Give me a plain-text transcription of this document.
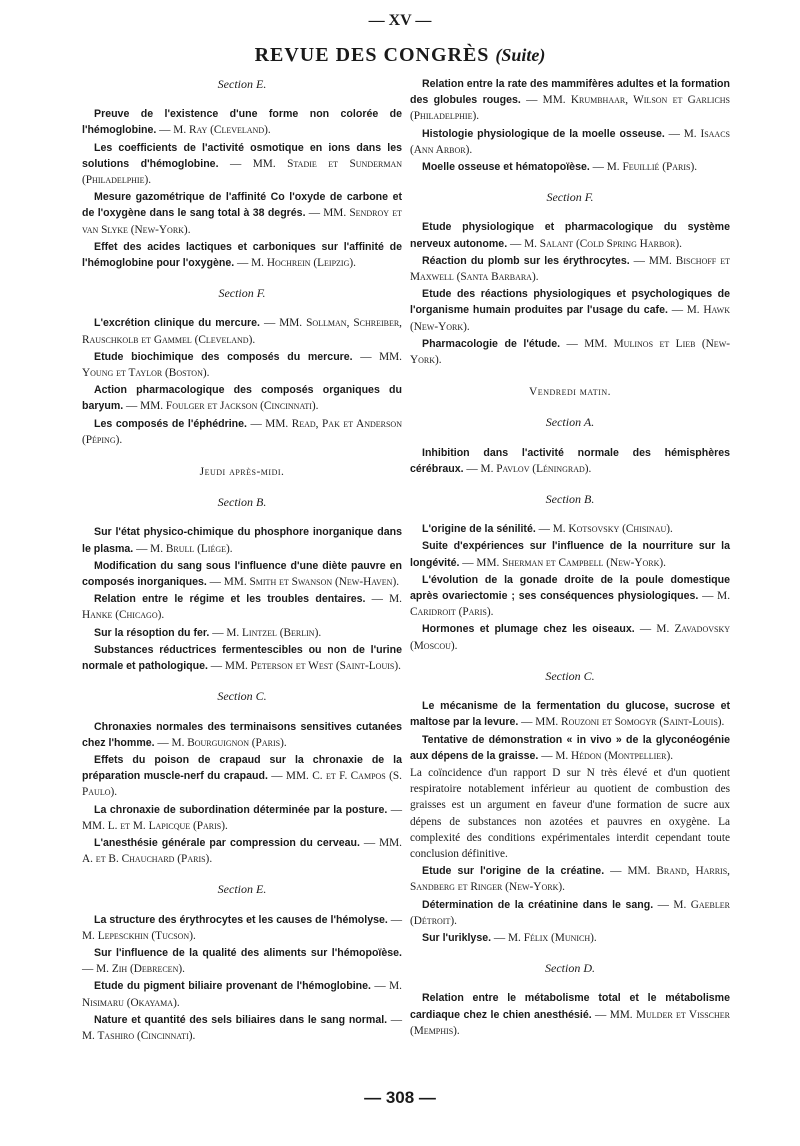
— XV —
REVUE DES CONGRÈS (Suite)
Section E.

Preuve de l'existence d'une forme non colorée de l'hémoglobine. — M. Ray (Cleveland).

Les coefficients de l'activité osmotique en ions dans les solutions d'hémoglobine. — MM. Stadie et Sunderman (Philadelphie).

Mesure gazométrique de l'affinité Co l'oxyde de carbone et de l'oxygène dans le sang total à 38 degrés. — MM. Sendroy et van Slyke (New-York).

Effet des acides lactiques et carboniques sur l'affinité de l'hémoglobine pour l'oxygène. — M. Hochrein (Leipzig).

Section F.

L'excrétion clinique du mercure. — MM. Sollman, Schreiber, Rauschkolb et Gammel (Cleveland).

Etude biochimique des composés du mercure. — MM. Young et Taylor (Boston).

Action pharmacologique des composés organiques du baryum. — MM. Foulger et Jackson (Cincinnati).

Les composés de l'éphédrine. — MM. Read, Pak et Anderson (Péping).

Jeudi après-midi.
Section B.

Sur l'état physico-chimique du phosphore inorganique dans le plasma. — M. Brull (Liége).

Modification du sang sous l'influence d'une diète pauvre en composés inorganiques. — MM. Smith et Swanson (New-Haven).

Relation entre le régime et les troubles dentaires. — M. Hanke (Chicago).

Sur la résoption du fer. — M. Lintzel (Berlin).

Substances réductrices fermentescibles ou non de l'urine normale et pathologique. — MM. Peterson et West (Saint-Louis).

Section C.

Chronaxies normales des terminaisons sensitives cutanées chez l'homme. — M. Bourguignon (Paris).

Effets du poison de crapaud sur la chronaxie de la préparation muscle-nerf du crapaud. — MM. C. et F. Campos (S. Paulo).

La chronaxie de subordination déterminée par la posture. — MM. L. et M. Lapicque (Paris).

L'anesthésie générale par compression du cerveau. — MM. A. et B. Chauchard (Paris).

Section E.

La structure des érythrocytes et les causes de l'hémolyse. — M. Lepesckhin (Tucson).

Sur l'influence de la qualité des aliments sur l'hémopoïèse. — M. Zih (Debrecen).

Etude du pigment biliaire provenant de l'hémoglobine. — M. Nisimaru (Okayama).

Nature et quantité des sels biliaires dans le sang normal. — M. Tashiro (Cincinnati).

Relation entre la rate des mammifères adultes et la formation des globules rouges. — MM. Krumbhaar, Wilson et Garlichs (Philadelphie).

Histologie physiologique de la moelle osseuse. — M. Isaacs (Ann Arbor).

Moelle osseuse et hématopoïèse. — M. Feuillié (Paris).

Section F.

Etude physiologique et pharmacologique du système nerveux autonome. — M. Salant (Cold Spring Harbor).

Réaction du plomb sur les érythrocytes. — MM. Bischoff et Maxwell (Santa Barbara).

Etude des réactions physiologiques et psychologiques de l'organisme humain produites par l'usage du cafe. — M. Hawk (New-York).

Pharmacologie de l'étude. — MM. Mulinos et Lieb (New-York).

Vendredi matin.
Section A.

Inhibition dans l'activité normale des hémisphères cérébraux. — M. Pavlov (Léningrad).

Section B.

L'origine de la sénilité. — M. Kotsovsky (Chisinau).

Suite d'expériences sur l'influence de la nourriture sur la longévité. — MM. Sherman et Campbell (New-York).

L'évolution de la gonade droite de la poule domestique après ovariectomie ; ses conséquences physiologiques. — M. Caridroit (Paris).

Hormones et plumage chez les oiseaux. — M. Zavadovsky (Moscou).

Section C.

Le mécanisme de la fermentation du glucose, sucrose et maltose par la levure. — MM. Rouzoni et Somogyr (Saint-Louis).

Tentative de démonstration « in vivo » de la glyconéogénie aux dépens de la graisse. — M. Hédon (Montpellier).

La coïncidence d'un rapport D sur N très élevé et d'un quotient respiratoire notablement inférieur au quotient de combustion des graisses est un argument en faveur d'une formation de sucre aux dépens de substances non azotées et pauvres en oxygène. La complexité des conditions expérimentales interdit cependant toute conclusion définitive.

Etude sur l'origine de la créatine. — MM. Brand, Harris, Sandberg et Ringer (New-York).

Détermination de la créatinine dans le sang. — M. Gaebler (Détroit).

Sur l'uriklyse. — M. Félix (Munich).

Section D.

Relation entre le métabolisme total et le métabolisme cardiaque chez le chien anesthésié. — MM. Mulder et Visscher (Memphis).

— 308 —
